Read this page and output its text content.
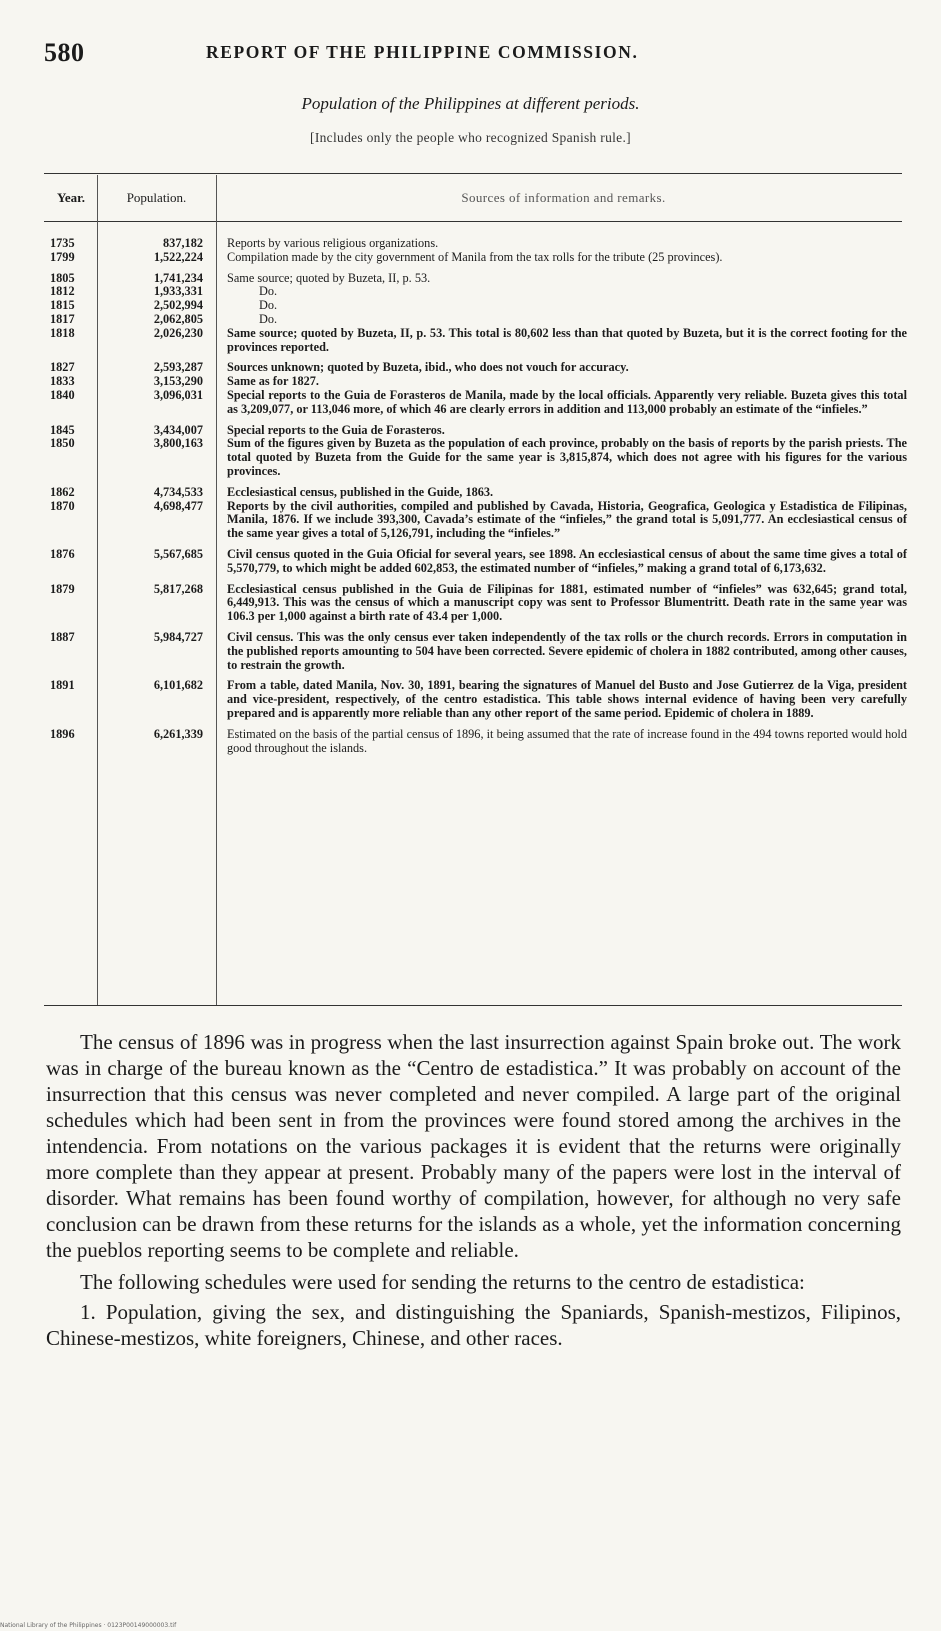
580	REPORT OF THE PHILIPPINE COMMISSION.
Population of the Philippines at different periods.
[Includes only the people who recognized Spanish rule.]
Year.	Population.	Sources of information and remarks.
1735	837,182	Reports by various religious organizations.
1799	1,522,224	Compilation made by the city government of Manila from the tax rolls for the tribute (25 provinces).
1805	1,741,234	Same source; quoted by Buzeta, II, p. 53.
1812	1,933,331	Do.
1815	2,502,994	Do.
1817	2,062,805	Do.
1818	2,026,230	Same source; quoted by Buzeta, II, p. 53. This total is 80,602 less than that quoted by Buzeta, but it is the correct footing for the provinces reported.
1827	2,593,287	Sources unknown; quoted by Buzeta, ibid., who does not vouch for accuracy.
1833	3,153,290	Same as for 1827.
1840	3,096,031	Special reports to the Guia de Forasteros de Manila, made by the local officials. Apparently very reliable. Buzeta gives this total as 3,209,077, or 113,046 more, of which 46 are clearly errors in addition and 113,000 probably an estimate of the “infieles.”
1845	3,434,007	Special reports to the Guia de Forasteros.
1850	3,800,163	Sum of the figures given by Buzeta as the population of each province, probably on the basis of reports by the parish priests. The total quoted by Buzeta from the Guide for the same year is 3,815,874, which does not agree with his figures for the various provinces.
1862	4,734,533	Ecclesiastical census, published in the Guide, 1863.
1870	4,698,477	Reports by the civil authorities, compiled and published by Cavada, Historia, Geografica, Geologica y Estadistica de Filipinas, Manila, 1876. If we include 393,300, Cavada’s estimate of the “infieles,” the grand total is 5,091,777. An ecclesiastical census of the same year gives a total of 5,126,791, including the “infieles.”
1876	5,567,685	Civil census quoted in the Guia Oficial for several years, see 1898. An ecclesiastical census of about the same time gives a total of 5,570,779, to which might be added 602,853, the estimated number of “infieles,” making a grand total of 6,173,632.
1879	5,817,268	Ecclesiastical census published in the Guia de Filipinas for 1881, estimated number of “infieles” was 632,645; grand total, 6,449,913. This was the census of which a manuscript copy was sent to Professor Blumentritt. Death rate in the same year was 106.3 per 1,000 against a birth rate of 43.4 per 1,000.
1887	5,984,727	Civil census. This was the only census ever taken independently of the tax rolls or the church records. Errors in computation in the published reports amounting to 504 have been corrected. Severe epidemic of cholera in 1882 contributed, among other causes, to restrain the growth.
1891	6,101,682	From a table, dated Manila, Nov. 30, 1891, bearing the signatures of Manuel del Busto and Jose Gutierrez de la Viga, president and vice-president, respectively, of the centro estadistica. This table shows internal evidence of having been very carefully prepared and is apparently more reliable than any other report of the same period. Epidemic of cholera in 1889.
1896	6,261,339	Estimated on the basis of the partial census of 1896, it being assumed that the rate of increase found in the 494 towns reported would hold good throughout the islands.

The census of 1896 was in progress when the last insurrection against Spain broke out. The work was in charge of the bureau known as the “Centro de estadistica.” It was probably on account of the insurrection that this census was never completed and never compiled. A large part of the original schedules which had been sent in from the provinces were found stored among the archives in the intendencia. From notations on the various packages it is evident that the returns were originally more complete than they appear at present. Probably many of the papers were lost in the interval of disorder. What remains has been found worthy of compilation, however, for although no very safe conclusion can be drawn from these returns for the islands as a whole, yet the information concerning the pueblos reporting seems to be complete and reliable.

The following schedules were used for sending the returns to the centro de estadistica:

1. Population, giving the sex, and distinguishing the Spaniards, Spanish-mestizos, Filipinos, Chinese-mestizos, white foreigners, Chinese, and other races.

National Library of the Philippines · 0123P00149000003.tif
